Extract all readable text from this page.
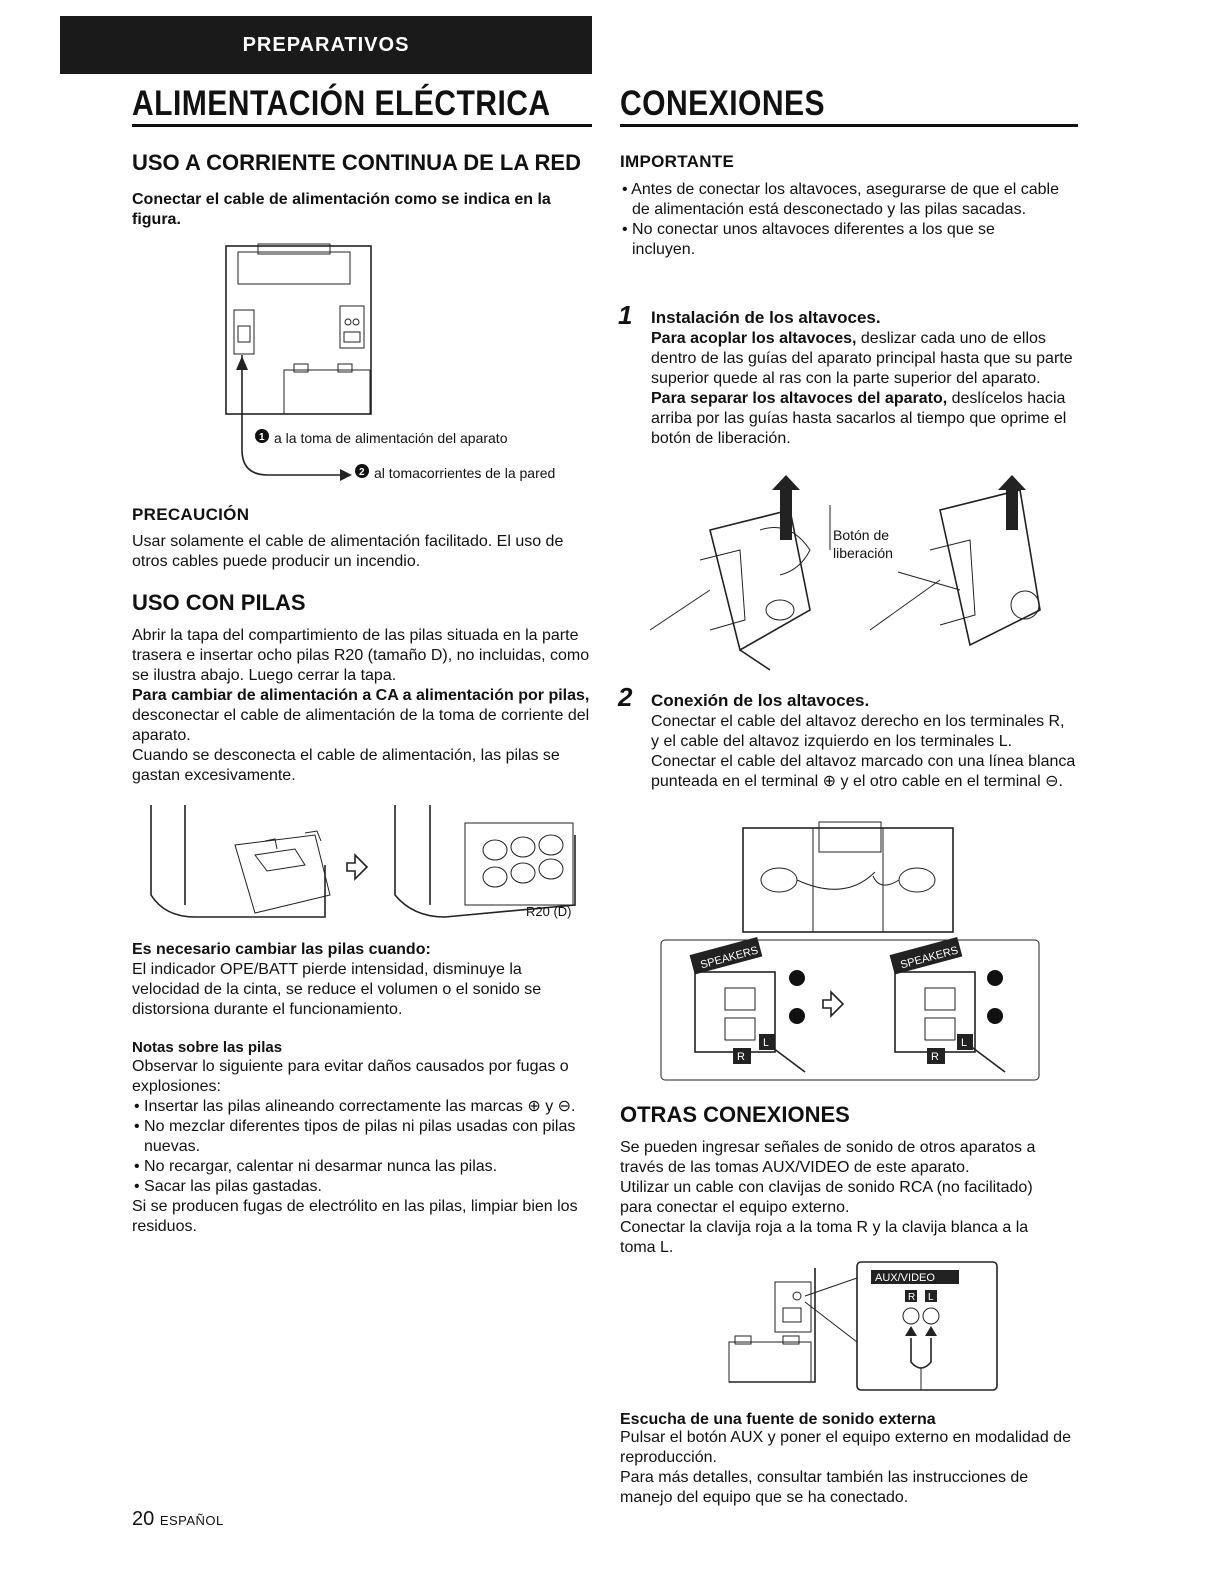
PREPARATIVOS
ALIMENTACIÓN ELÉCTRICA
USO A CORRIENTE CONTINUA DE LA RED
Conectar el cable de alimentación como se indica en la figura.
1
2
a la toma de alimentación del aparato
al tomacorrientes de la pared
PRECAUCIÓN
Usar solamente el cable de alimentación facilitado. El uso de otros cables puede producir un incendio.
USO CON PILAS
Abrir la tapa del compartimiento de las pilas situada en la parte trasera e insertar ocho pilas R20 (tamaño D), no incluidas, como se ilustra abajo. Luego cerrar la tapa.
Para cambiar de alimentación a CA a alimentación por pilas, desconectar el cable de alimentación de la toma de corriente del aparato.
Cuando se desconecta el cable de alimentación, las pilas se gastan excesivamente.
R20 (D)
Es necesario cambiar las pilas cuando:
El indicador OPE/BATT pierde intensidad, disminuye la velocidad de la cinta, se reduce el volumen o el sonido se distorsiona durante el funcionamiento.
Notas sobre las pilas
Observar lo siguiente para evitar daños causados por fugas o explosiones:
• Insertar las pilas alineando correctamente las marcas ⊕ y ⊖.
• No mezclar diferentes tipos de pilas ni pilas usadas con pilas nuevas.
• No recargar, calentar ni desarmar nunca las pilas.
• Sacar las pilas gastadas.
Si se producen fugas de electrólito en las pilas, limpiar bien los residuos.
CONEXIONES
IMPORTANTE
• Antes de conectar los altavoces, asegurarse de que el cable de alimentación está desconectado y las pilas sacadas.
• No conectar unos altavoces diferentes a los que se incluyen.
1 Instalación de los altavoces.
Para acoplar los altavoces, deslizar cada uno de ellos dentro de las guías del aparato principal hasta que su parte superior quede al ras con la parte superior del aparato.
Para separar los altavoces del aparato, deslícelos hacia arriba por las guías hasta sacarlos al tiempo que oprime el botón de liberación.
Botón de
liberación
2 Conexión de los altavoces.
Conectar el cable del altavoz derecho en los terminales R, y el cable del altavoz izquierdo en los terminales L. Conectar el cable del altavoz marcado con una línea blanca punteada en el terminal ⊕ y el otro cable en el terminal ⊖.
SPEAKERS	SPEAKERS
R
L
R
L
OTRAS CONEXIONES
Se pueden ingresar señales de sonido de otros aparatos a través de las tomas AUX/VIDEO de este aparato.
Utilizar un cable con clavijas de sonido RCA (no facilitado) para conectar el equipo externo.
Conectar la clavija roja a la toma R y la clavija blanca a la toma L.
AUX/VIDEO
R L
Escucha de una fuente de sonido externa
Pulsar el botón AUX y poner el equipo externo en modalidad de reproducción.
Para más detalles, consultar también las instrucciones de manejo del equipo que se ha conectado.
20 ESPAÑOL
